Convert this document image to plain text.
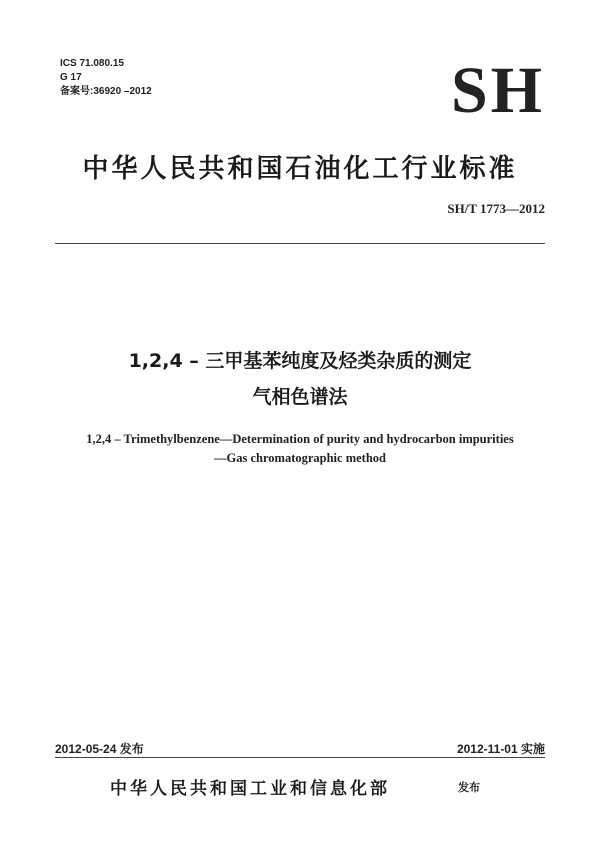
ICS 71.080.15
G 17
备案号:36920 –2012	SH
中华人民共和国石油化工行业标准
SH/T 1773—2012
1,2,4 – 三甲基苯纯度及烃类杂质的测定
气相色谱法
1,2,4 – Trimethylbenzene—Determination of purity and hydrocarbon impurities
—Gas chromatographic method
2012-05-24 发布	2012-11-01 实施
中华人民共和国工业和信息化部	发布
